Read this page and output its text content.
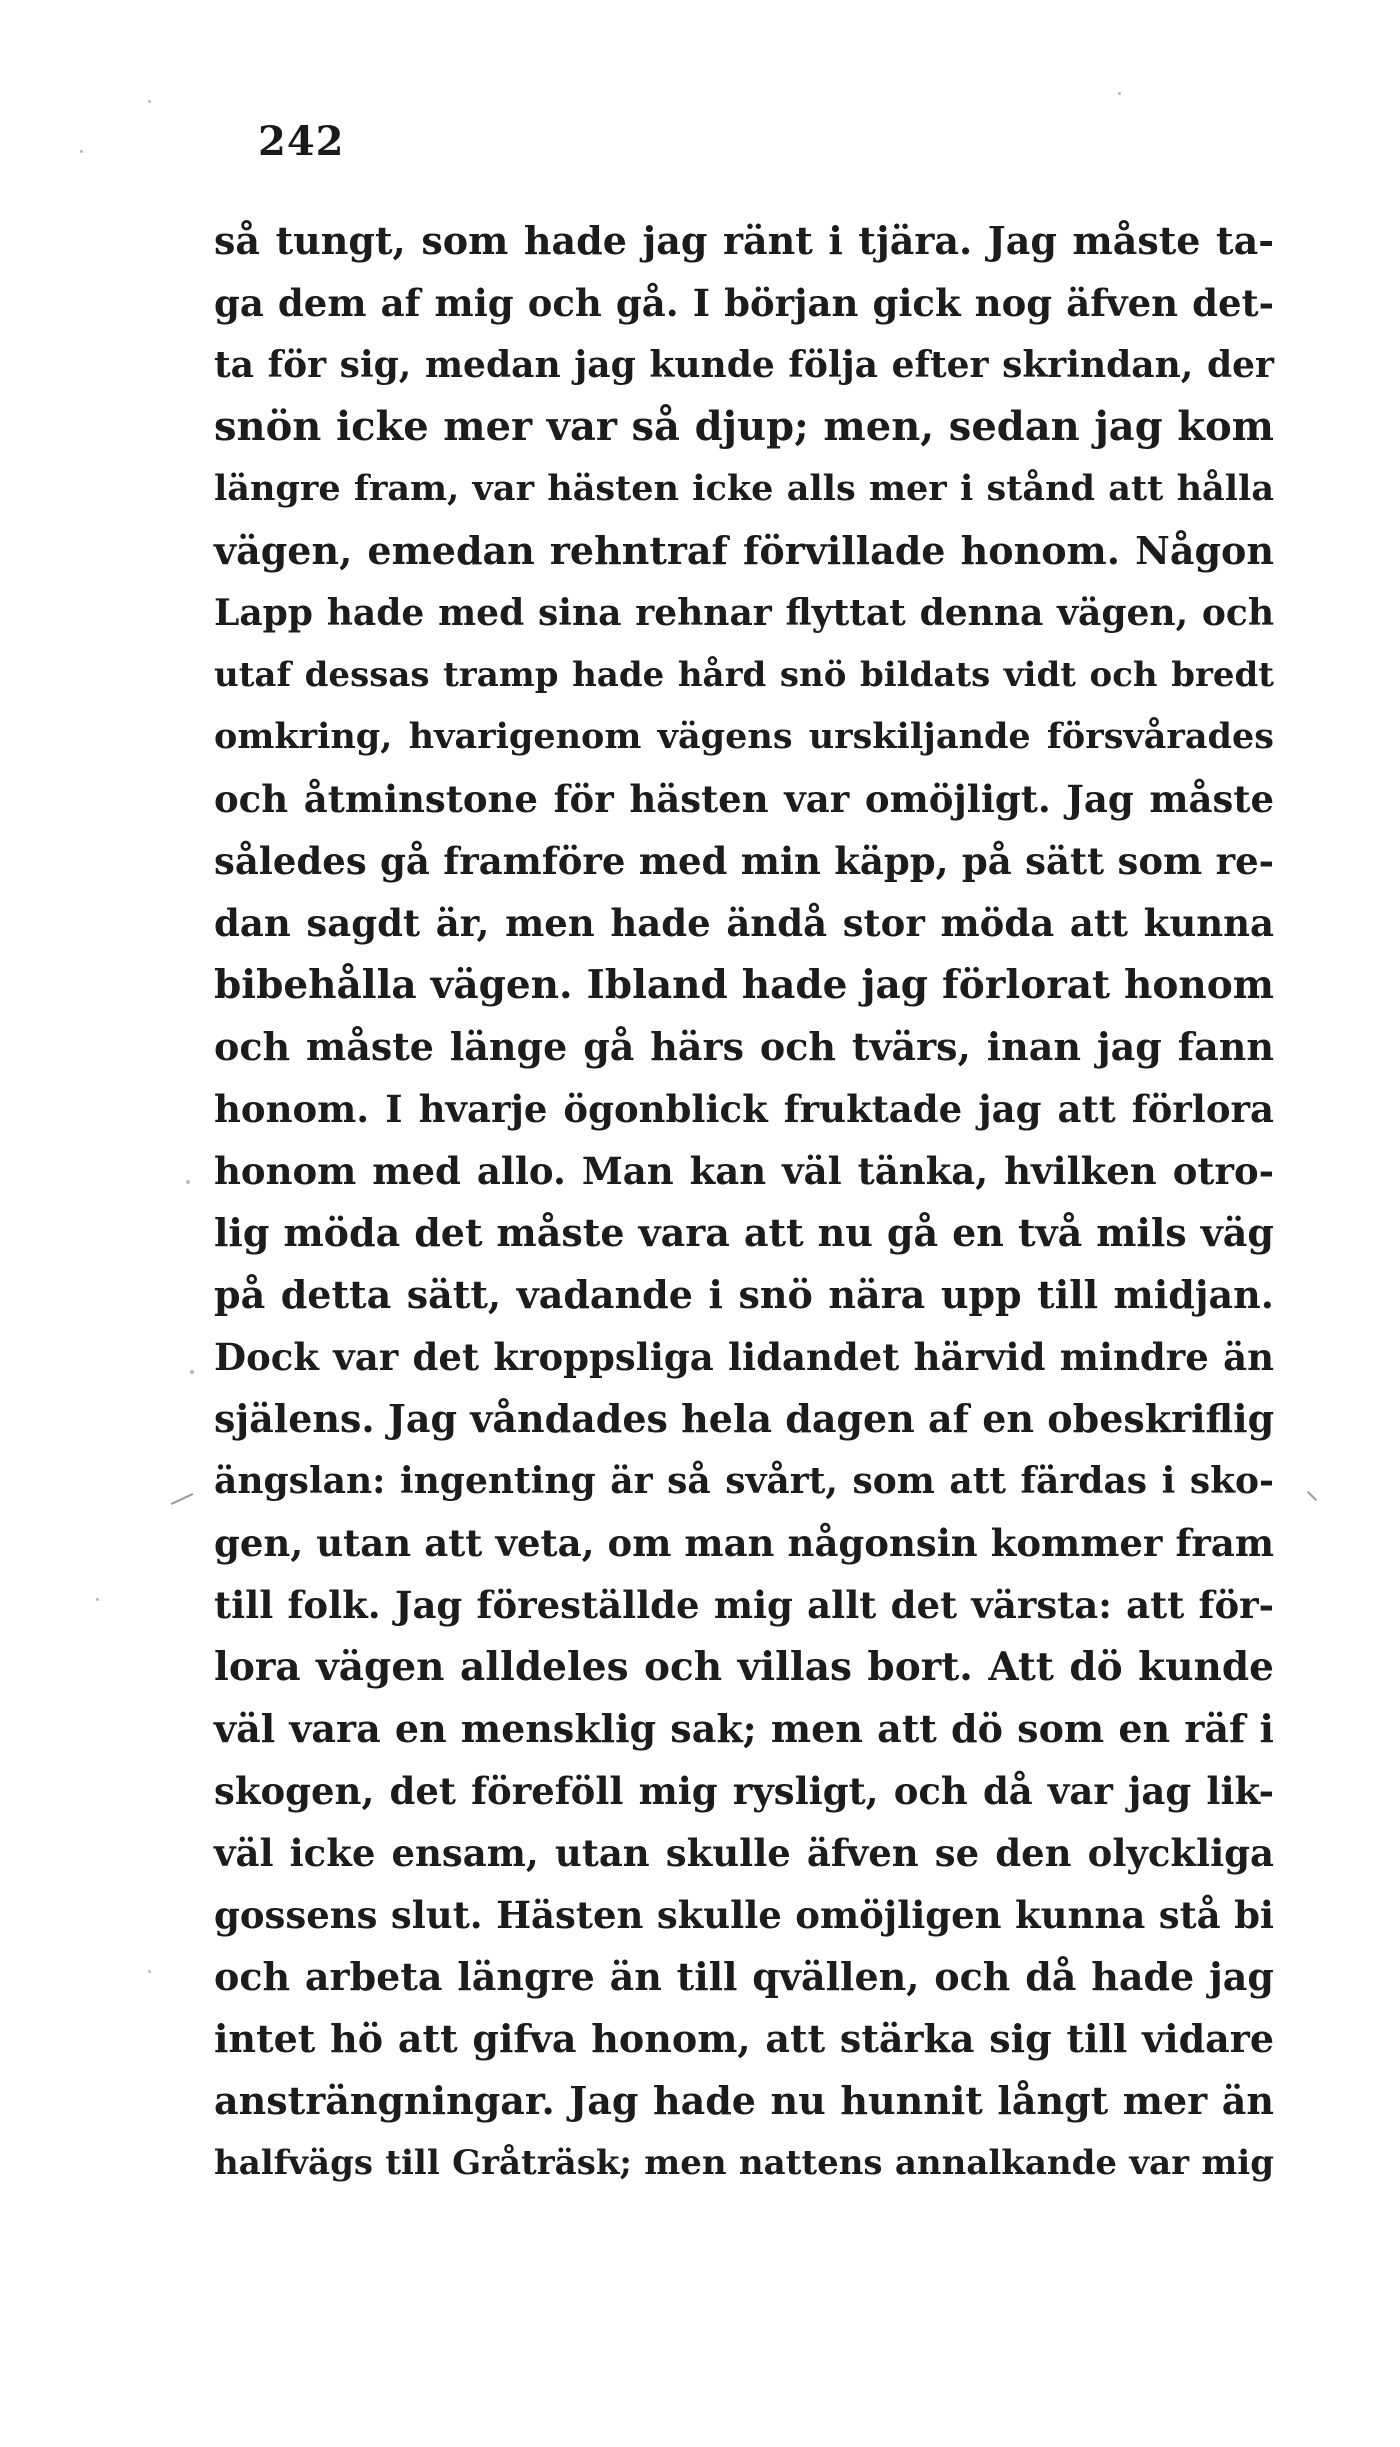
242
så tungt, som hade jag ränt i tjära. Jag måste ta-
ga dem af mig och gå. I början gick nog äfven det-
ta för sig, medan jag kunde följa efter skrindan, der
snön icke mer var så djup; men, sedan jag kom
längre fram, var hästen icke alls mer i stånd att hålla
vägen, emedan rehntraf förvillade honom. Någon
Lapp hade med sina rehnar flyttat denna vägen, och
utaf dessas tramp hade hård snö bildats vidt och bredt
omkring, hvarigenom vägens urskiljande försvårades
och åtminstone för hästen var omöjligt. Jag måste
således gå framföre med min käpp, på sätt som re-
dan sagdt är, men hade ändå stor möda att kunna
bibehålla vägen. Ibland hade jag förlorat honom
och måste länge gå härs och tvärs, inan jag fann
honom. I hvarje ögonblick fruktade jag att förlora
honom med allo. Man kan väl tänka, hvilken otro-
lig möda det måste vara att nu gå en två mils väg
på detta sätt, vadande i snö nära upp till midjan.
Dock var det kroppsliga lidandet härvid mindre än
själens. Jag våndades hela dagen af en obeskriflig
ängslan: ingenting är så svårt, som att färdas i sko-
gen, utan att veta, om man någonsin kommer fram
till folk. Jag föreställde mig allt det värsta: att för-
lora vägen alldeles och villas bort. Att dö kunde
väl vara en mensklig sak; men att dö som en räf i
skogen, det föreföll mig rysligt, och då var jag lik-
väl icke ensam, utan skulle äfven se den olyckliga
gossens slut. Hästen skulle omöjligen kunna stå bi
och arbeta längre än till qvällen, och då hade jag
intet hö att gifva honom, att stärka sig till vidare
ansträngningar. Jag hade nu hunnit långt mer än
halfvägs till Gråträsk; men nattens annalkande var mig
